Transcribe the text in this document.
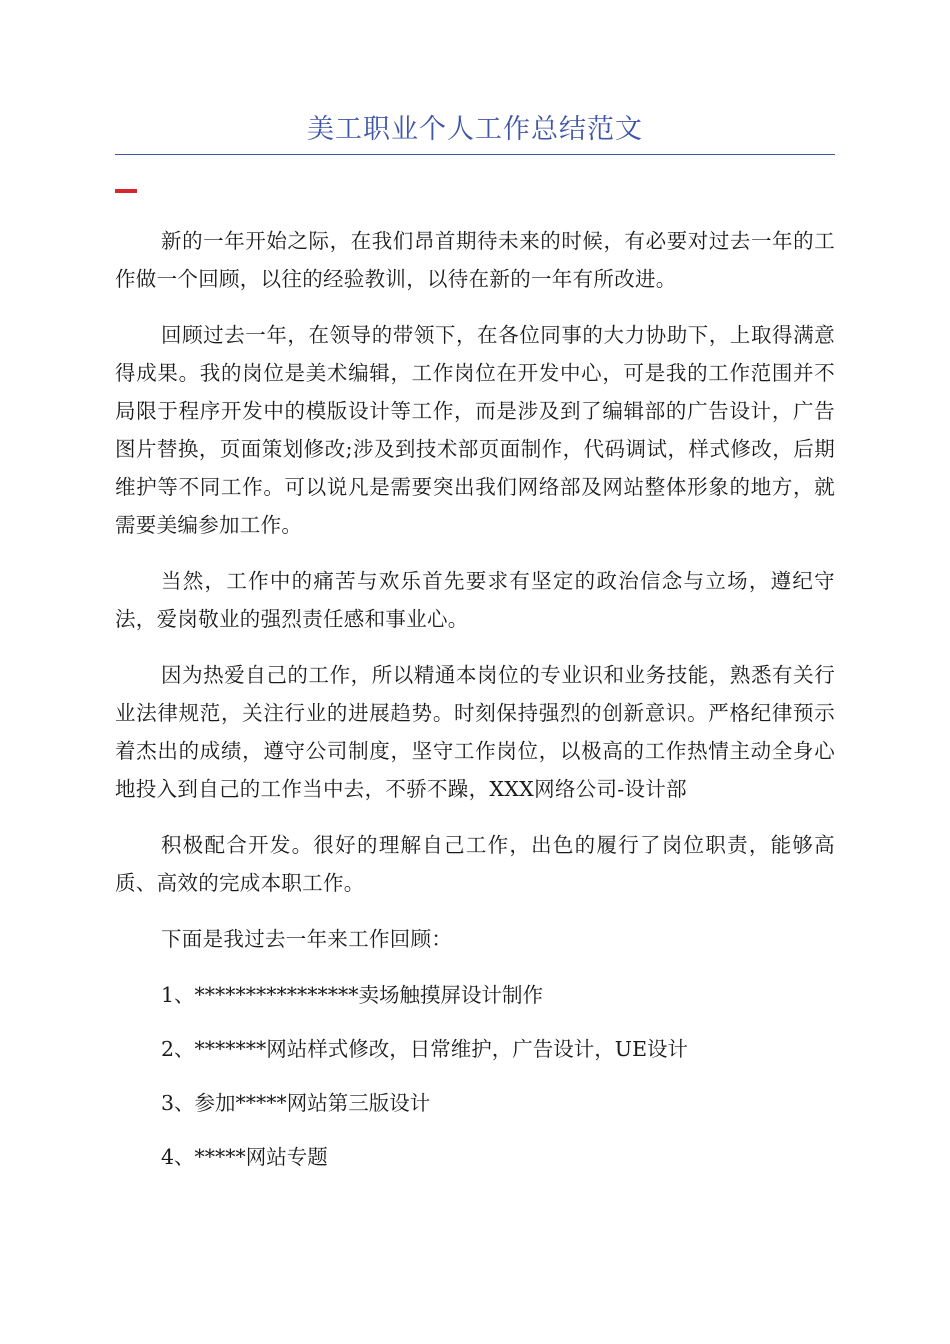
美工职业个人工作总结范文

新的一年开始之际，在我们昂首期待未来的时候，有必要对过去一年的工作做一个回顾，以往的经验教训，以待在新的一年有所改进。

回顾过去一年，在领导的带领下，在各位同事的大力协助下，上取得满意得成果。我的岗位是美术编辑，工作岗位在开发中心，可是我的工作范围并不局限于程序开发中的模版设计等工作，而是涉及到了编辑部的广告设计，广告图片替换，页面策划修改;涉及到技术部页面制作，代码调试，样式修改，后期维护等不同工作。可以说凡是需要突出我们网络部及网站整体形象的地方，就需要美编参加工作。

当然，工作中的痛苦与欢乐首先要求有坚定的政治信念与立场，遵纪守法，爱岗敬业的强烈责任感和事业心。

因为热爱自己的工作，所以精通本岗位的专业识和业务技能，熟悉有关行业法律规范，关注行业的进展趋势。时刻保持强烈的创新意识。严格纪律预示着杰出的成绩，遵守公司制度，坚守工作岗位，以极高的工作热情主动全身心地投入到自己的工作当中去，不骄不躁，XXX网络公司-设计部

积极配合开发。很好的理解自己工作，出色的履行了岗位职责，能够高质、高效的完成本职工作。

下面是我过去一年来工作回顾：

1、****************卖场触摸屏设计制作

2、*******网站样式修改，日常维护，广告设计，UE设计

3、参加*****网站第三版设计

4、*****网站专题
